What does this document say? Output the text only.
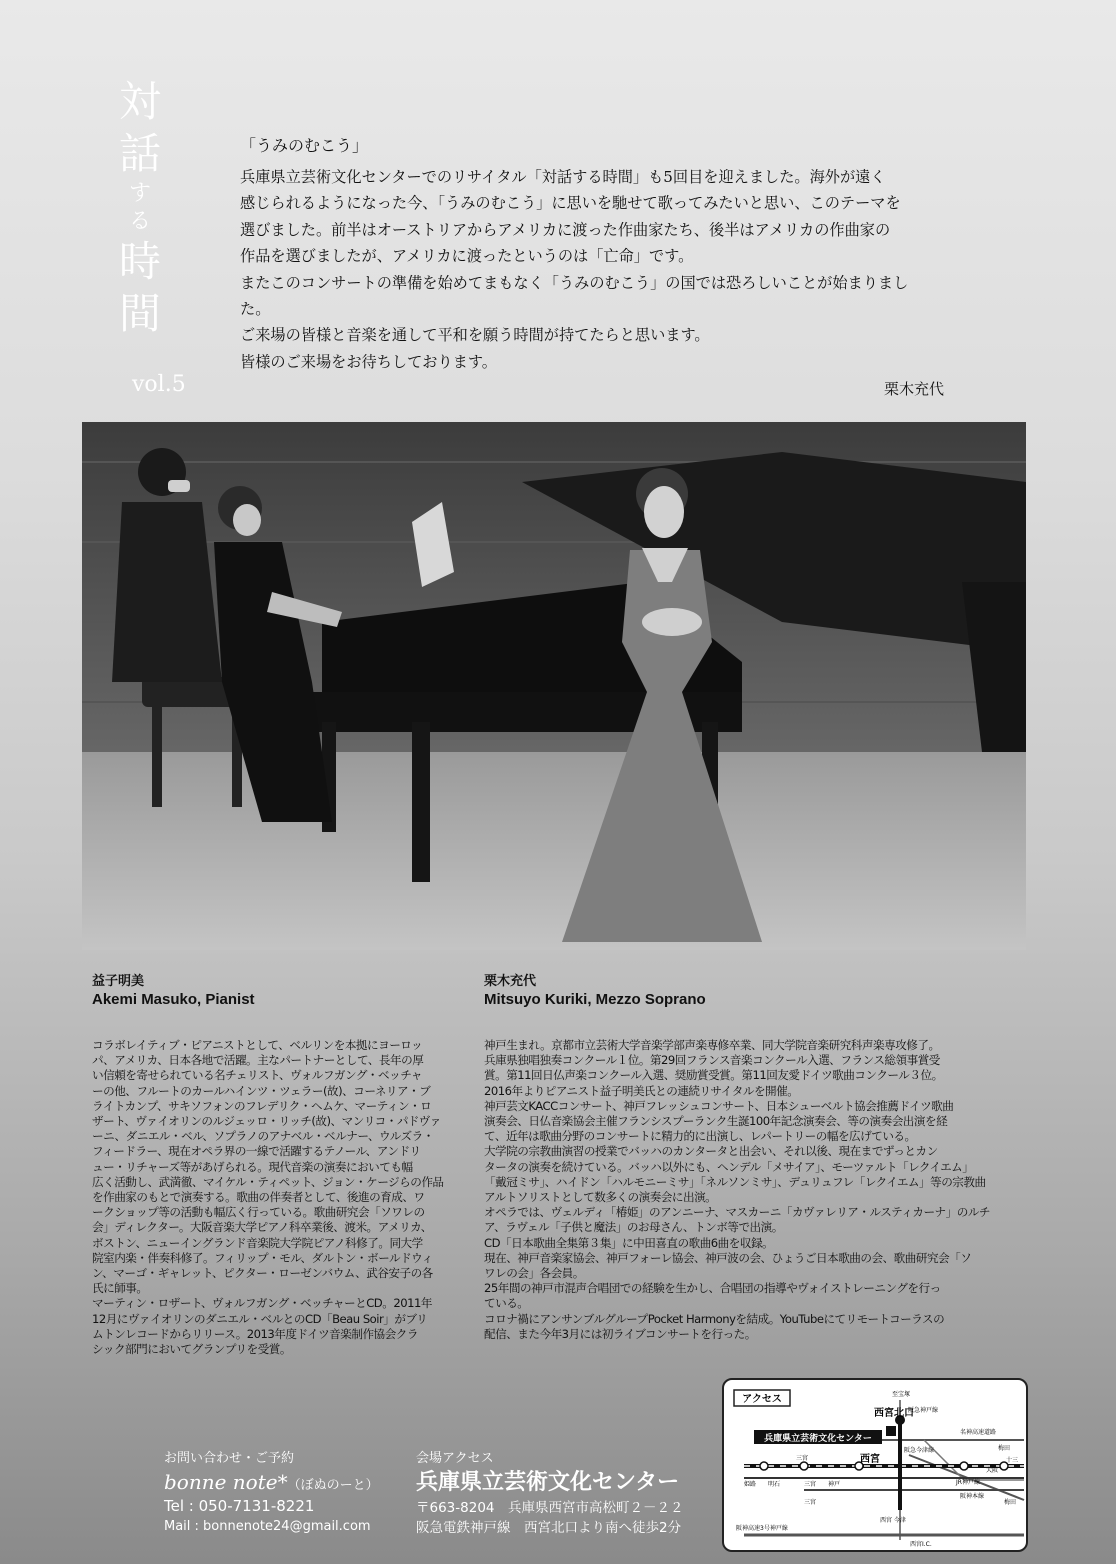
対
話
す
る
時
間
vol.5
「うみのむこう」
兵庫県立芸術文化センターでのリサイタル「対話する時間」も5回目を迎えました。海外が遠く
感じられるようになった今、「うみのむこう」に思いを馳せて歌ってみたいと思い、このテーマを
選びました。前半はオーストリアからアメリカに渡った作曲家たち、後半はアメリカの作曲家の
作品を選びましたが、アメリカに渡ったというのは「亡命」です。
またこのコンサートの準備を始めてまもなく「うみのむこう」の国では恐ろしいことが始まりまし
た。
ご来場の皆様と音楽を通して平和を願う時間が持てたらと思います。
皆様のご来場をお待ちしております。
栗木充代
益子明美
Akemi Masuko, Pianist
コラボレイティブ・ピアニストとして、ベルリンを本拠にヨーロッ
パ、アメリカ、日本各地で活躍。主なパートナーとして、長年の厚
い信頼を寄せられている名チェリスト、ヴォルフガング・ベッチャ
ーの他、フルートのカールハインツ・ツェラー(故)、コーネリア・ブ
ライトカンプ、サキソフォンのフレデリク・ヘムケ、マーティン・ロ
ザート、ヴァイオリンのルジェッロ・リッチ(故)、マンリコ・パドヴァ
ーニ、ダニエル・ベル、ソプラノのアナベル・ベルナー、ウルズラ・
フィードラー、現在オペラ界の一線で活躍するテノール、アンドリ
ュー・リチャーズ等があげられる。現代音楽の演奏においても幅
広く活動し、武満徹、マイケル・ティペット、ジョン・ケージらの作品
を作曲家のもとで演奏する。歌曲の伴奏者として、後進の育成、ワ
ークショップ等の活動も幅広く行っている。歌曲研究会「ソワレの
会」ディレクター。大阪音楽大学ピアノ科卒業後、渡米。アメリカ、
ボストン、ニューイングランド音楽院大学院ピアノ科修了。同大学
院室内楽・伴奏科修了。フィリップ・モル、ダルトン・ボールドウィ
ン、マーゴ・ギャレット、ピクター・ローゼンバウム、武谷安子の各
氏に師事。
マーティン・ロザート、ヴォルフガング・ベッチャーとCD。2011年
12月にヴァイオリンのダニエル・ベルとのCD「Beau Soir」がブリ
ムトンレコードからリリース。2013年度ドイツ音楽制作協会クラ
シック部門においてグランプリを受賞。
栗木充代
Mitsuyo Kuriki, Mezzo Soprano
神戸生まれ。京都市立芸術大学音楽学部声楽専修卒業、同大学院音楽研究科声楽専攻修了。
兵庫県独唱独奏コンクール１位。第29回フランス音楽コンクール入選、フランス総領事賞受
賞。第11回日仏声楽コンクール入選、奨励賞受賞。第11回友愛ドイツ歌曲コンクール３位。
2016年よりピアニスト益子明美氏との連続リサイタルを開催。
神戸芸文KACCコンサート、神戸フレッシュコンサート、日本シューベルト協会推薦ドイツ歌曲
演奏会、日仏音楽協会主催フランシスプーランク生誕100年記念演奏会、等の演奏会出演を経
て、近年は歌曲分野のコンサートに精力的に出演し、レパートリーの幅を広げている。
大学院の宗教曲演習の授業でバッハのカンタータと出会い、それ以後、現在までずっとカン
タータの演奏を続けている。バッハ以外にも、ヘンデル「メサイア」、モーツァルト「レクイエム」
「戴冠ミサ」、ハイドン「ハルモニーミサ」「ネルソンミサ」、デュリュフレ「レクイエム」等の宗教曲
アルトソリストとして数多くの演奏会に出演。
オペラでは、ヴェルディ「椿姫」のアンニーナ、マスカーニ「カヴァレリア・ルスティカーナ」のルチ
ア、ラヴェル「子供と魔法」のお母さん、トンボ等で出演。
CD「日本歌曲全集第３集」に中田喜直の歌曲6曲を収録。
現在、神戸音楽家協会、神戸フォーレ協会、神戸波の会、ひょうご日本歌曲の会、歌曲研究会「ソ
ワレの会」各会員。
25年間の神戸市混声合唱団での経験を生かし、合唱団の指導やヴォイストレーニングを行っ
ている。
コロナ禍にアンサンブルグループPocket Harmonyを結成。YouTubeにてリモートコーラスの
配信、また今年3月には初ライブコンサートを行った。
お問い合わせ・ご予約
bonne note*（ぼぬのーと）
Tel : 050-7131-8221
Mail : bonnenote24@gmail.com
会場アクセス
兵庫県立芸術文化センター
〒663-8204　兵庫県西宮市高松町２－２２
阪急電鉄神戸線　西宮北口より南へ徒歩2分
アクセス
兵庫県立芸術文化センター
西宮北口
西宮
至宝塚
阪急神戸線
名神高速道路
梅田
JR神戸線
大阪
十三
阪神本線
梅田
三宮
三宮
三宮
神戸
明石
姫路
阪急今津線
西宮 今津
西宮I.C.
阪神高速3号神戸線
